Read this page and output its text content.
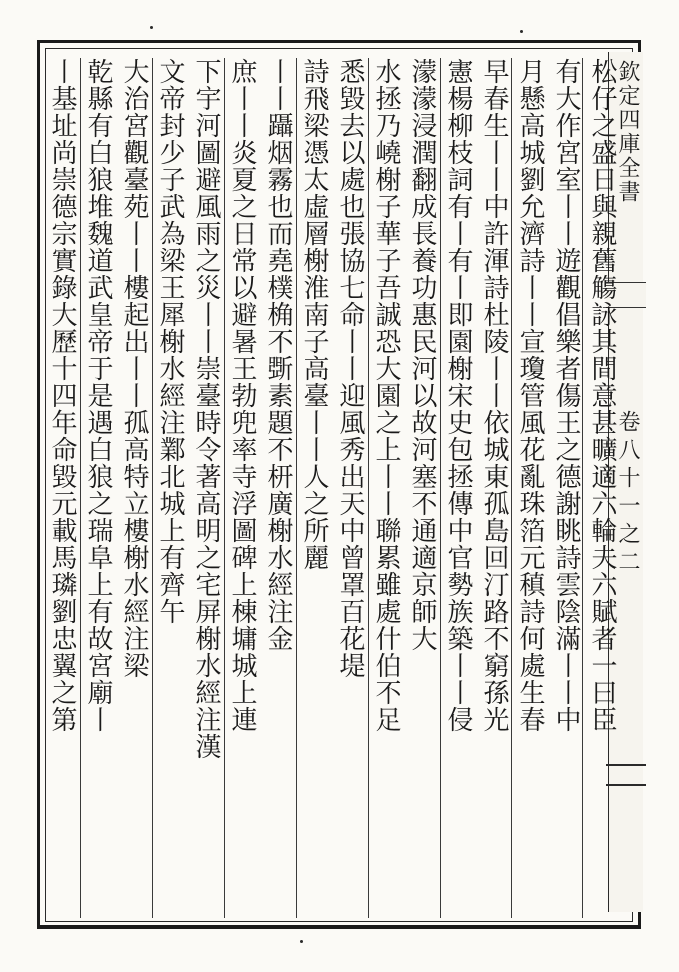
欽定四庫全書
卷八十一之二
松仔之盛日與親舊觴詠其間意甚曠適六輪夫六賦者一曰臣
有大作宮室丨丨遊觀倡樂者傷王之德謝眺詩雲陰滿丨丨中
月懸高城劉允濟詩丨丨宣瓊管風花亂珠箔元稹詩何處生春
早春生丨丨中許渾詩杜陵丨丨依城東孤島回汀路不窮孫光
憲楊柳枝詞有丨有丨即園榭宋史包拯傳中官勢族築丨丨侵
濛濛浸潤翻成長養功惠民河以故河塞不通適京師大
水拯乃嶢榭子華子吾誠恐大園之上丨丨聯累雖處什伯不足
悉毀去以處也張協七命丨丨迎風秀出天中曾罩百花堤
詩飛梁憑太虛層榭淮南子高臺丨丨人之所麗
丨丨躡烟霧也而堯樸桷不斲素題不枅廣榭水經注金
庶丨丨炎夏之日常以避暑王勃兜率寺浮圖碑上棟墉城上連
下宇河圖避風雨之災丨丨崇臺時令著高明之宅屏榭水經注漢
文帝封少子武為梁王犀榭水經注鄴北城上有齊午
大治宮觀臺苑丨丨樓起出丨丨孤高特立樓榭水經注梁
乾縣有白狼堆魏道武皇帝于是遇白狼之瑞阜上有故宮廟丨
丨基址尚崇德宗實錄大歷十四年命毀元載馬璘劉忠翼之第
